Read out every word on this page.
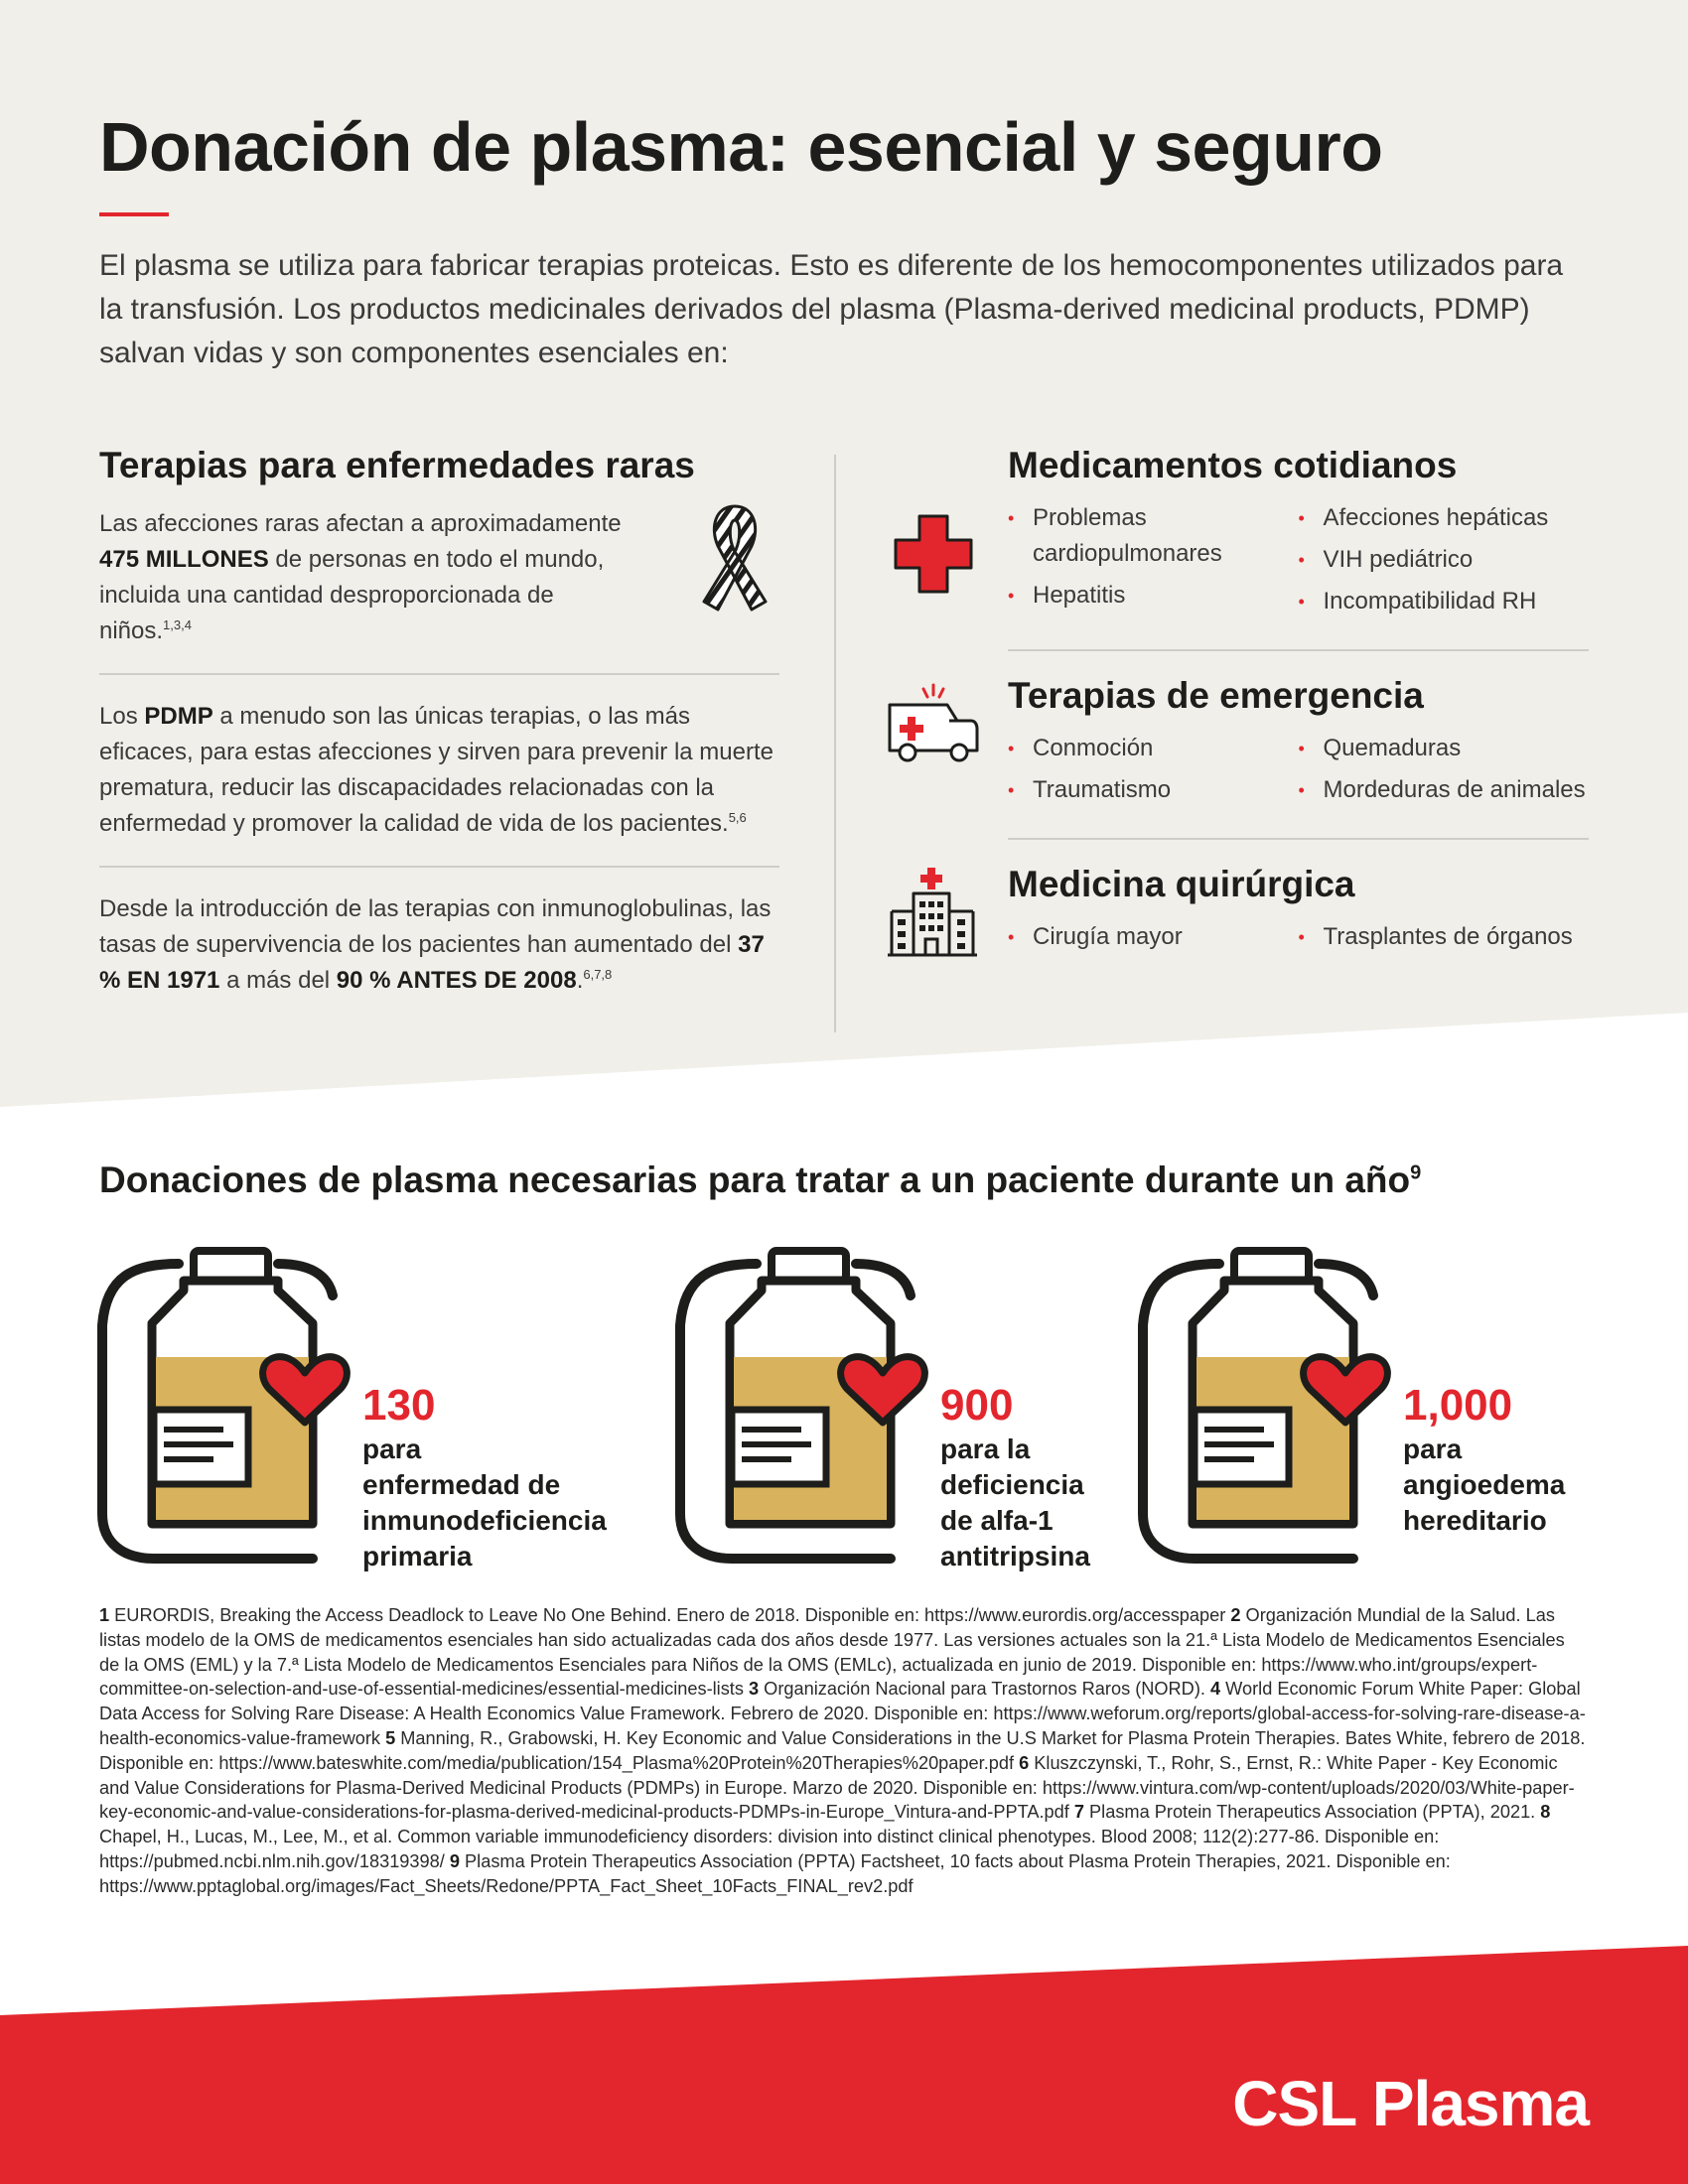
Donación de plasma: esencial y seguro

El plasma se utiliza para fabricar terapias proteicas. Esto es diferente de los hemocomponentes utilizados para la transfusión. Los productos medicinales derivados del plasma (Plasma-derived medicinal products, PDMP) salvan vidas y son componentes esenciales en:

Terapias para enfermedades raras

Las afecciones raras afectan a aproximadamente 475 MILLONES de personas en todo el mundo, incluida una cantidad desproporcionada de niños.$^{1,3,4}$

Los PDMP a menudo son las únicas terapias, o las más eficaces, para estas afecciones y sirven para prevenir la muerte prematura, reducir las discapacidades relacionadas con la enfermedad y promover la calidad de vida de los pacientes.$^{5,6}$

Desde la introducción de las terapias con inmunoglobulinas, las tasas de supervivencia de los pacientes han aumentado del 37 % EN 1971 a más del 90 % ANTES DE 2008.$^{6,7,8}$

Medicamentos cotidianos
• Problemas cardiopulmonares
• Hepatitis
• Afecciones hepáticas
• VIH pediátrico
• Incompatibilidad RH
Terapias de emergencia
• Conmoción
• Traumatismo
• Quemaduras
• Mordeduras de animales
Medicina quirúrgica
• Cirugía mayor
•	Trasplantes de órganos
Donaciones de plasma necesarias para tratar a un paciente durante un año$^9$
130
para
enfermedad de
inmunodeficiencia
primaria
900
para la
deficiencia
de alfa-1
antitripsina
1,000
para
angioedema
hereditario
1 EURORDIS, Breaking the Access Deadlock to Leave No One Behind. Enero de 2018. Disponible en: https://www.eurordis.org/accesspaper 2 Organización Mundial de la Salud. Las listas modelo de la OMS de medicamentos esenciales han sido actualizadas cada dos años desde 1977. Las versiones actuales son la 21.ª Lista Modelo de Medicamentos Esenciales de la OMS (EML) y la 7.ª Lista Modelo de Medicamentos Esenciales para Niños de la OMS (EMLc), actualizada en junio de 2019. Disponible en: https://www.who.int/groups/expert-committee-on-selection-and-use-of-essential-medicines/essential-medicines-lists 3 Organización Nacional para Trastornos Raros (NORD). 4 World Economic Forum White Paper: Global Data Access for Solving Rare Disease: A Health Economics Value Framework. Febrero de 2020. Disponible en: https://www.weforum.org/reports/global-access-for-solving-rare-disease-a-health-economics-value-framework 5 Manning, R., Grabowski, H. Key Economic and Value Considerations in the U.S Market for Plasma Protein Therapies. Bates White, febrero de 2018. Disponible en: https://www.bateswhite.com/media/publication/154_Plasma%20Protein%20Therapies%20paper.pdf 6 Kluszczynski, T., Rohr, S., Ernst, R.: White Paper - Key Economic and Value Considerations for Plasma-Derived Medicinal Products (PDMPs) in Europe. Marzo de 2020. Disponible en: https://www.vintura.com/wp-content/uploads/2020/03/White-paper-key-economic-and-value-considerations-for-plasma-derived-medicinal-products-PDMPs-in-Europe_Vintura-and-PPTA.pdf 7 Plasma Protein Therapeutics Association (PPTA), 2021. 8 Chapel, H., Lucas, M., Lee, M., et al. Common variable immunodeficiency disorders: division into distinct clinical phenotypes. Blood 2008; 112(2):277-86. Disponible en: https://pubmed.ncbi.nlm.nih.gov/18319398/ 9 Plasma Protein Therapeutics Association (PPTA) Factsheet, 10 facts about Plasma Protein Therapies, 2021. Disponible en: https://www.pptaglobal.org/images/Fact_Sheets/Redone/PPTA_Fact_Sheet_10Facts_FINAL_rev2.pdf
CSL Plasma
